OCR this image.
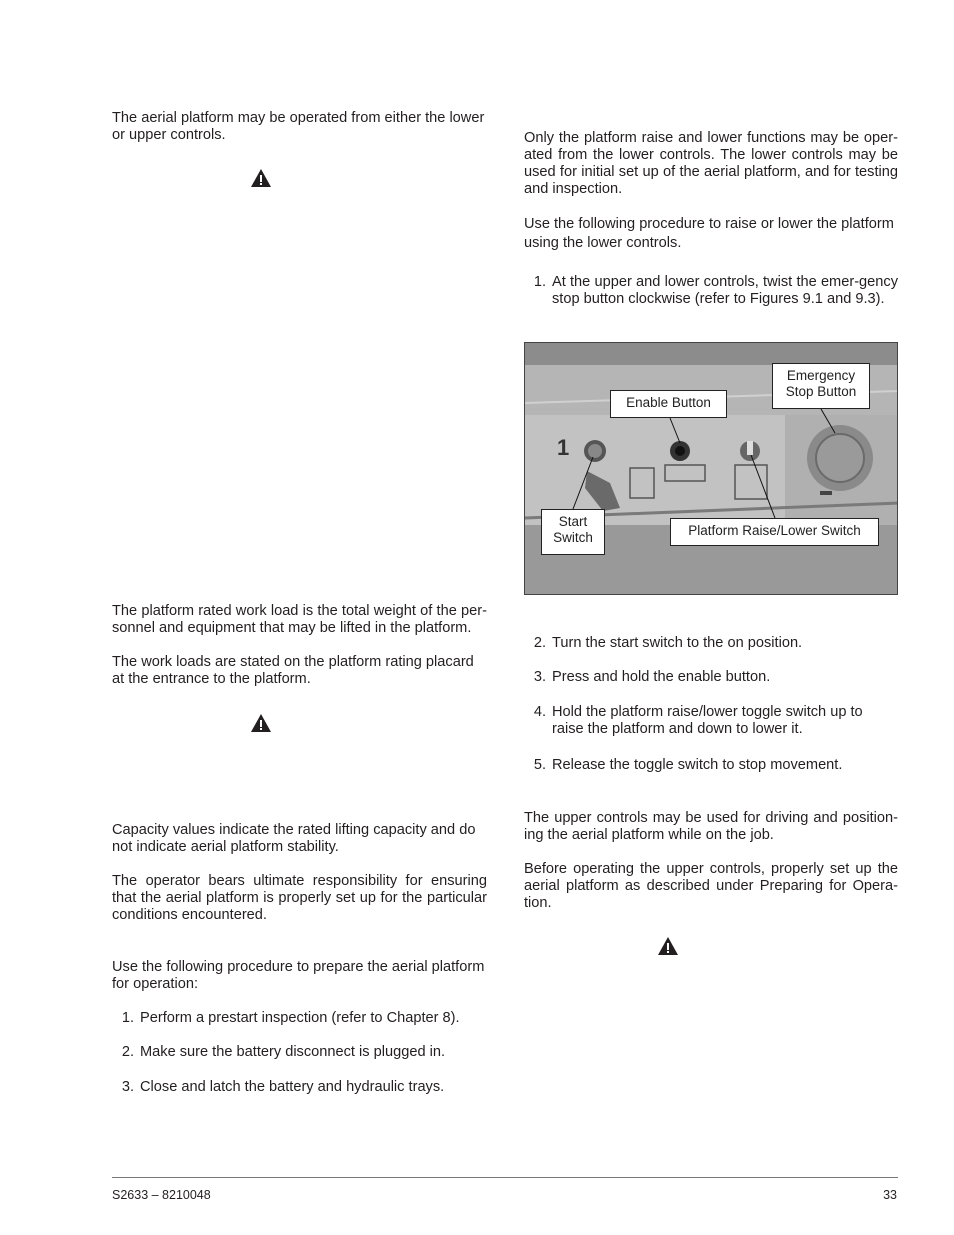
The aerial platform may be operated from either the lower or upper controls.

The platform rated work load is the total weight of the per-sonnel and equipment that may be lifted in the platform.

The work loads are stated on the platform rating placard at the entrance to the platform.

Capacity values indicate the rated lifting capacity and do not indicate aerial platform stability.

The operator bears ultimate responsibility for ensuring that the aerial platform is properly set up for the particular conditions encountered.

Use the following procedure to prepare the aerial platform for operation:

1. Perform a prestart inspection (refer to Chapter 8).
2. Make sure the battery disconnect is plugged in.
3. Close and latch the battery and hydraulic trays.

Only the platform raise and lower functions may be oper-ated from the lower controls. The lower controls may be used for initial set up of the aerial platform, and for testing and inspection.

Use the following procedure to raise or lower the platform using the lower controls.

1. At the upper and lower controls, twist the emer-gency stop button clockwise (refer to Figures 9.1 and 9.3).
1
Enable Button
Emergency
Stop Button
Start
Switch	Platform Raise/Lower Switch
2. Turn the start switch to the on position.
3. Press and hold the enable button.
4. Hold the platform raise/lower toggle switch up to raise the platform and down to lower it.
5. Release the toggle switch to stop movement.

The upper controls may be used for driving and position-ing the aerial platform while on the job.

Before operating the upper controls, properly set up the aerial platform as described under Preparing for Opera-tion.

S2633 – 8210048	33
